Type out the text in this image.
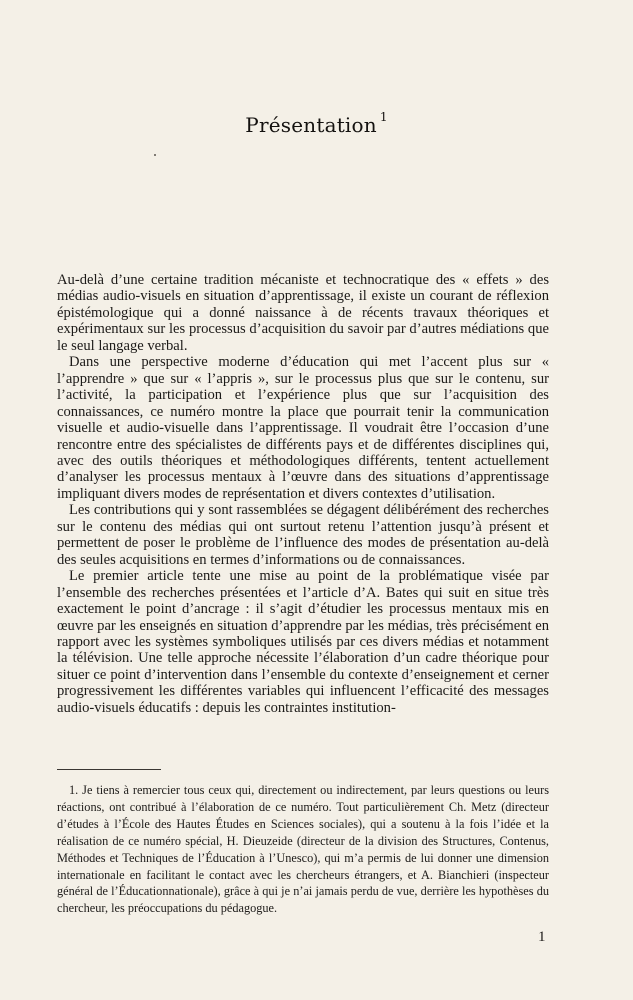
Présentation $^1$

Au-delà d’une certaine tradition mécaniste et technocratique des « effets » des médias audio-visuels en situation d’apprentissage, il existe un courant de réflexion épistémologique qui a donné naissance à de récents travaux théoriques et expérimentaux sur les processus d’acquisition du savoir par d’autres médiations que le seul langage verbal.

Dans une perspective moderne d’éducation qui met l’accent plus sur « l’apprendre » que sur « l’appris », sur le processus plus que sur le contenu, sur l’activité, la participation et l’expérience plus que sur l’acquisition des connaissances, ce numéro montre la place que pourrait tenir la communication visuelle et audio-visuelle dans l’apprentissage. Il voudrait être l’occasion d’une rencontre entre des spécialistes de différents pays et de différentes disciplines qui, avec des outils théoriques et méthodologiques différents, tentent actuellement d’analyser les processus mentaux à l’œuvre dans des situations d’apprentissage impliquant divers modes de représentation et divers contextes d’utilisation.

Les contributions qui y sont rassemblées se dégagent délibérément des recherches sur le contenu des médias qui ont surtout retenu l’attention jusqu’à présent et permettent de poser le problème de l’influence des modes de présentation au-delà des seules acquisitions en termes d’informations ou de connaissances.

Le premier article tente une mise au point de la problématique visée par l’ensemble des recherches présentées et l’article d’A. Bates qui suit en situe très exactement le point d’ancrage : il s’agit d’étudier les processus mentaux mis en œuvre par les enseignés en situation d’apprendre par les médias, très précisément en rapport avec les systèmes symboliques utilisés par ces divers médias et notamment la télévision. Une telle approche nécessite l’élaboration d’un cadre théorique pour situer ce point d’intervention dans l’ensemble du contexte d’enseignement et cerner progressivement les différentes variables qui influencent l’efficacité des messages audio-visuels éducatifs : depuis les contraintes institution-

1. Je tiens à remercier tous ceux qui, directement ou indirectement, par leurs questions ou leurs réactions, ont contribué à l’élaboration de ce numéro. Tout particulièrement Ch. Metz (directeur d’études à l’École des Hautes Études en Sciences sociales), qui a soutenu à la fois l’idée et la réalisation de ce numéro spécial, H. Dieuzeide (directeur de la division des Structures, Contenus, Méthodes et Techniques de l’Éducation à l’Unesco), qui m’a permis de lui donner une dimension internationale en facilitant le contact avec les chercheurs étrangers, et A. Bianchieri (inspecteur général de l’Éducationnationale), grâce à qui je n’ai jamais perdu de vue, derrière les hypothèses du chercheur, les préoccupations du pédagogue.

1
